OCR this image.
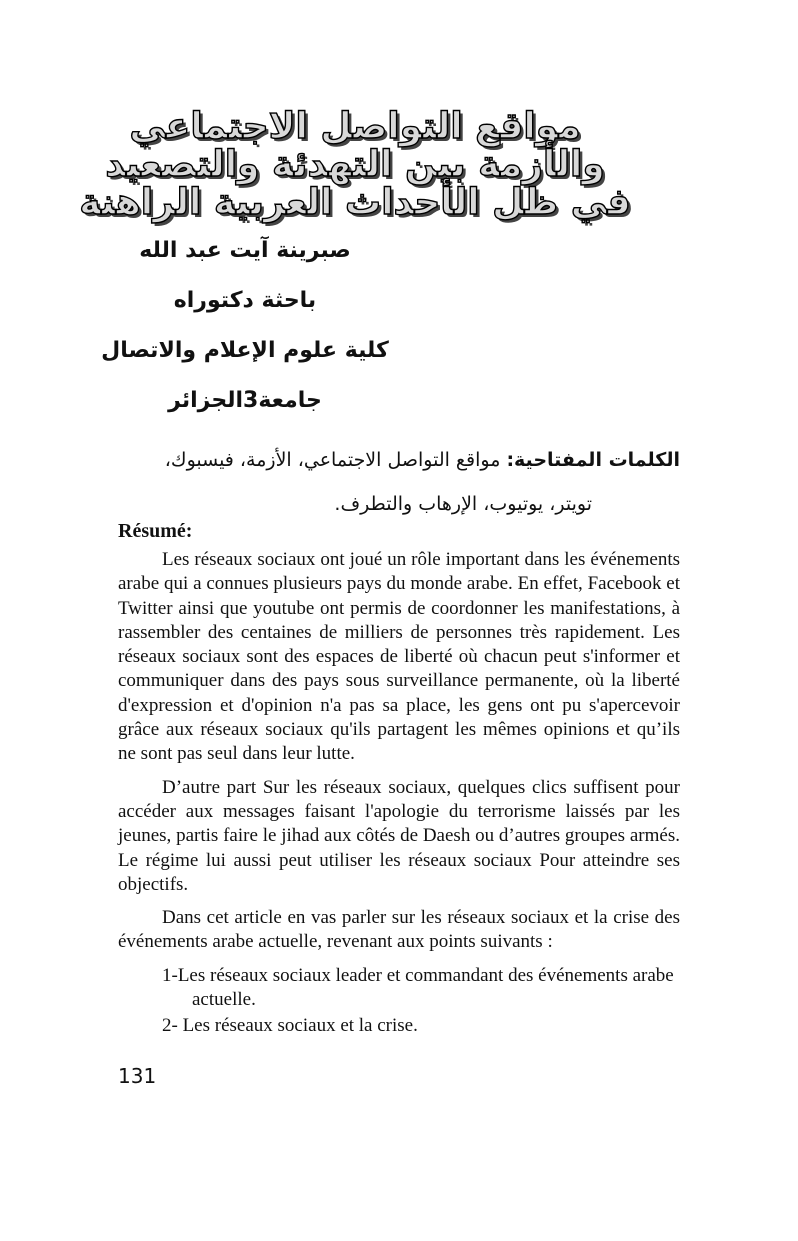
مواقع التواصل الاجتماعي
والأزمة بين التهدئة والتصعيد
في ظل الأحداث العربية الراهنة
صبرينة آيت عبد الله
باحثة دكتوراه
كلية علوم الإعلام والاتصال
جامعة3الجزائر
الكلمات المفتاحية: مواقع التواصل الاجتماعي، الأزمة، فيسبوك،
تويتر، يوتيوب، الإرهاب والتطرف.
Résumé:

Les réseaux sociaux ont joué un rôle important dans les événements arabe qui a connues plusieurs pays du monde arabe. En effet, Facebook et Twitter ainsi que youtube ont permis de coordonner les manifestations, à rassembler des centaines de milliers de personnes très rapidement. Les réseaux sociaux sont des espaces de liberté où chacun peut s'informer et communiquer dans des pays sous surveillance permanente, où la liberté d'expression et d'opinion n'a pas sa place, les gens ont pu s'apercevoir grâce aux réseaux sociaux qu'ils partagent les mêmes opinions et qu’ils ne sont pas seul dans leur lutte.

D’autre part Sur les réseaux sociaux, quelques clics suffisent pour accéder aux messages faisant l'apologie du terrorisme laissés par les jeunes, partis faire le jihad aux côtés de Daesh ou d’autres groupes armés. Le régime lui aussi peut utiliser les réseaux sociaux Pour atteindre ses objectifs.

Dans cet article en vas parler sur les réseaux sociaux et la crise des événements arabe actuelle, revenant aux points suivants :

1-Les réseaux sociaux leader et commandant des événements arabe actuelle.
2- Les réseaux sociaux et la crise.
131
